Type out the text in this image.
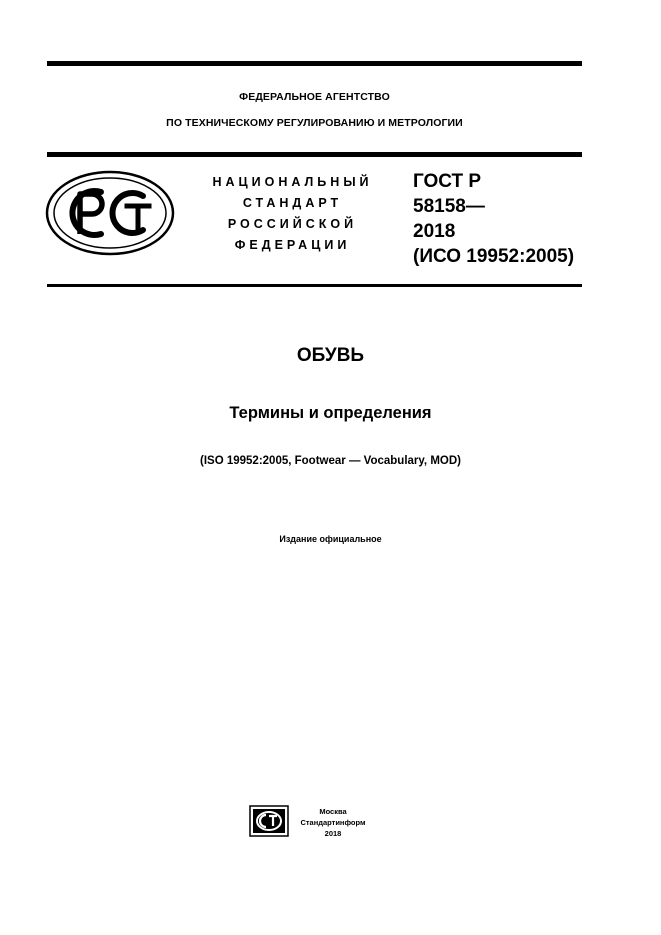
ФЕДЕРАЛЬНОЕ АГЕНТСТВО
ПО ТЕХНИЧЕСКОМУ РЕГУЛИРОВАНИЮ И МЕТРОЛОГИИ
НАЦИОНАЛЬНЫЙ
СТАНДАРТ
РОССИЙСКОЙ
ФЕДЕРАЦИИ
ГОСТ Р
58158—
2018
(ИСО 19952:2005)
ОБУВЬ
Термины и определения
(ISO 19952:2005, Footwear — Vocabulary, MOD)
Издание официальное
Москва
Стандартинформ
2018
